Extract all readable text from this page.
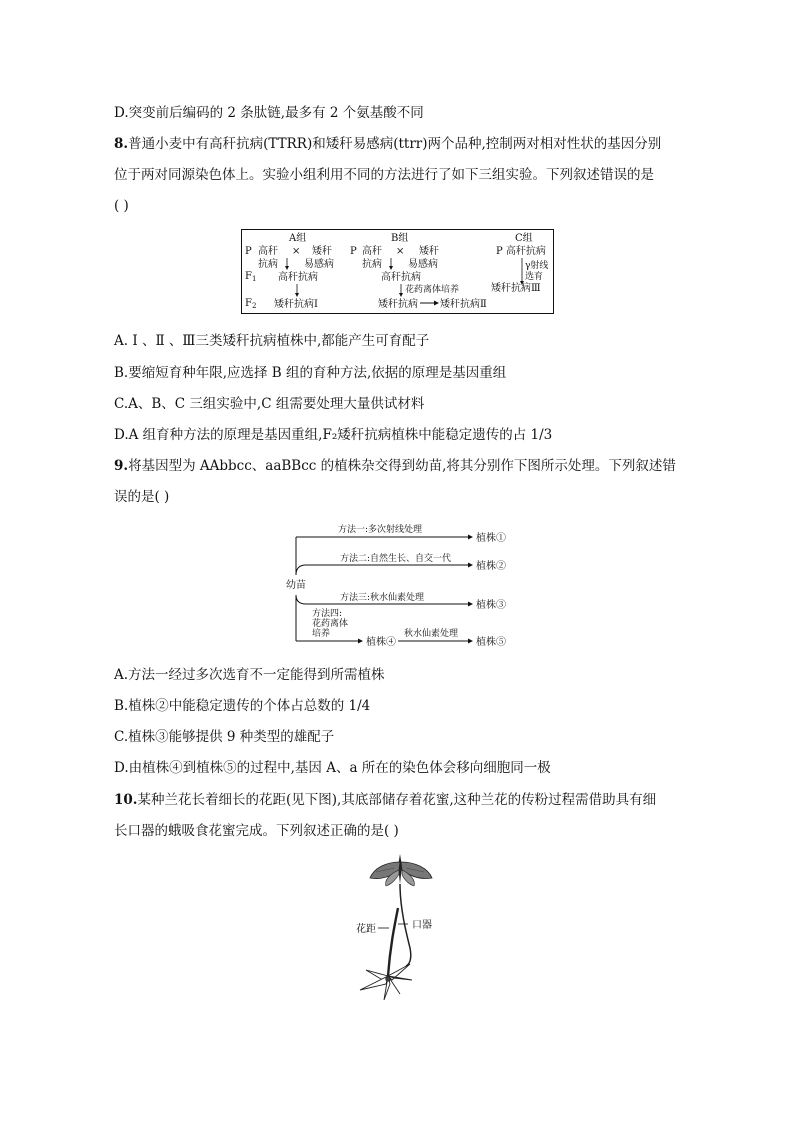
D.突变前后编码的 2 条肽链,最多有 2 个氨基酸不同
8.普通小麦中有高秆抗病(TTRR)和矮秆易感病(ttrr)两个品种,控制两对相对性状的基因分别
位于两对同源染色体上。实验小组利用不同的方法进行了如下三组实验。下列叙述错误的是
( )
A组	B组	C组
P 高秆 × 矮秆 P 高秆 × 矮秆	P 高秆抗病
抗病	易感病	抗病	易感病	γ射线
选育
$F_1$ 高秆抗病	高秆抗病
花药离体培养	矮秆抗病Ⅲ
$F_2$ 矮秆抗病Ⅰ	矮秆抗病 矮秆抗病Ⅱ
A. Ⅰ 、Ⅱ 、Ⅲ三类矮秆抗病植株中,都能产生可育配子
B.要缩短育种年限,应选择 B 组的育种方法,依据的原理是基因重组
C.A、B、C 三组实验中,C 组需要处理大量供试材料
D.A 组育种方法的原理是基因重组,F₂矮秆抗病植株中能稳定遗传的占 1/3
9.将基因型为 AAbbcc、aaBBcc 的植株杂交得到幼苗,将其分别作下图所示处理。下列叙述错
误的是( )
幼苗
方法一:多次射线处理
植株①
方法二:自然生长、自交一代
植株②
方法三:秋水仙素处理
植株③
方法四:
花药离体
培养
植株④
秋水仙素处理
植株⑤
A.方法一经过多次选育不一定能得到所需植株
B.植株②中能稳定遗传的个体占总数的 1/4
C.植株③能够提供 9 种类型的雄配子
D.由植株④到植株⑤的过程中,基因 A、a 所在的染色体会移向细胞同一极
10.某种兰花长着细长的花距(见下图),其底部储存着花蜜,这种兰花的传粉过程需借助具有细
长口器的蛾吸食花蜜完成。下列叙述正确的是( )
口器
花距
